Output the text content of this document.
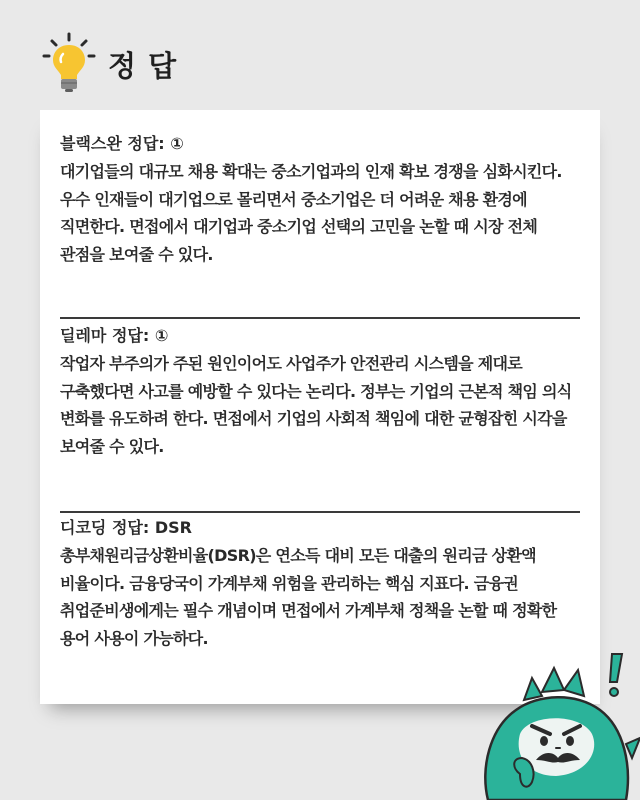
정 답
블랙스완 정답: ①
대기업들의 대규모 채용 확대는 중소기업과의 인재 확보 경쟁을 심화시킨다. 우수 인재들이 대기업으로 몰리면서 중소기업은 더 어려운 채용 환경에 직면한다. 면접에서 대기업과 중소기업 선택의 고민을 논할 때 시장 전체 관점을 보여줄 수 있다.
딜레마 정답: ①
작업자 부주의가 주된 원인이어도 사업주가 안전관리 시스템을 제대로 구축했다면 사고를 예방할 수 있다는 논리다. 정부는 기업의 근본적 책임 의식 변화를 유도하려 한다. 면접에서 기업의 사회적 책임에 대한 균형잡힌 시각을 보여줄 수 있다.
디코딩 정답: DSR
총부채원리금상환비율(DSR)은 연소득 대비 모든 대출의 원리금 상환액 비율이다. 금융당국이 가계부채 위험을 관리하는 핵심 지표다. 금융권 취업준비생에게는 필수 개념이며 면접에서 가계부채 정책을 논할 때 정확한 용어 사용이 가능하다.
